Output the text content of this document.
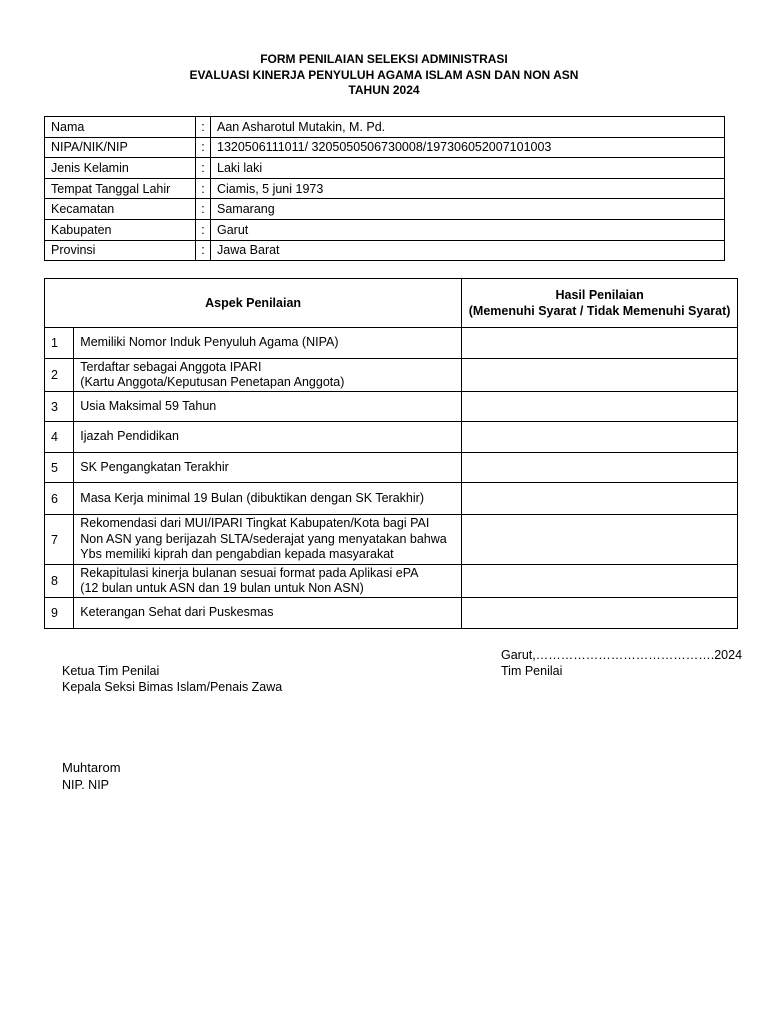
FORM PENILAIAN SELEKSI ADMINISTRASI
EVALUASI KINERJA PENYULUH AGAMA ISLAM ASN DAN NON ASN
TAHUN 2024
Nama	:	Aan Asharotul Mutakin, M. Pd.
NIPA/NIK/NIP	:	1320506111011/ 3205050506730008/197306052007101003
Jenis Kelamin	:	Laki laki
Tempat Tanggal Lahir	:	Ciamis, 5 juni 1973
Kecamatan	:	Samarang
Kabupaten	:	Garut
Provinsi	:	Jawa Barat
Aspek Penilaian		Hasil Penilaian
(Memenuhi Syarat / Tidak Memenuhi Syarat)

1	Memiliki Nomor Induk Penyuluh Agama (NIPA)	

2	Terdaftar sebagai Anggota IPARI
(Kartu Anggota/Keputusan Penetapan Anggota)	

3	Usia Maksimal 59 Tahun	

4	Ijazah Pendidikan	

5	SK Pengangkatan Terakhir	

6	Masa Kerja minimal 19 Bulan (dibuktikan dengan SK Terakhir)	

7	Rekomendasi dari MUI/IPARI Tingkat Kabupaten/Kota bagi PAI
Non ASN yang berijazah SLTA/sederajat yang menyatakan bahwa
Ybs memiliki kiprah dan pengabdian kepada masyarakat	

8	Rekapitulasi kinerja bulanan sesuai format pada Aplikasi ePA
(12 bulan untuk ASN dan 19 bulan untuk Non ASN)	

9	Keterangan Sehat dari Puskesmas	

Garut,…………………………………….2024
Tim Penilai
Ketua Tim Penilai
Kepala Seksi Bimas Islam/Penais Zawa
Muhtarom
NIP. NIP
